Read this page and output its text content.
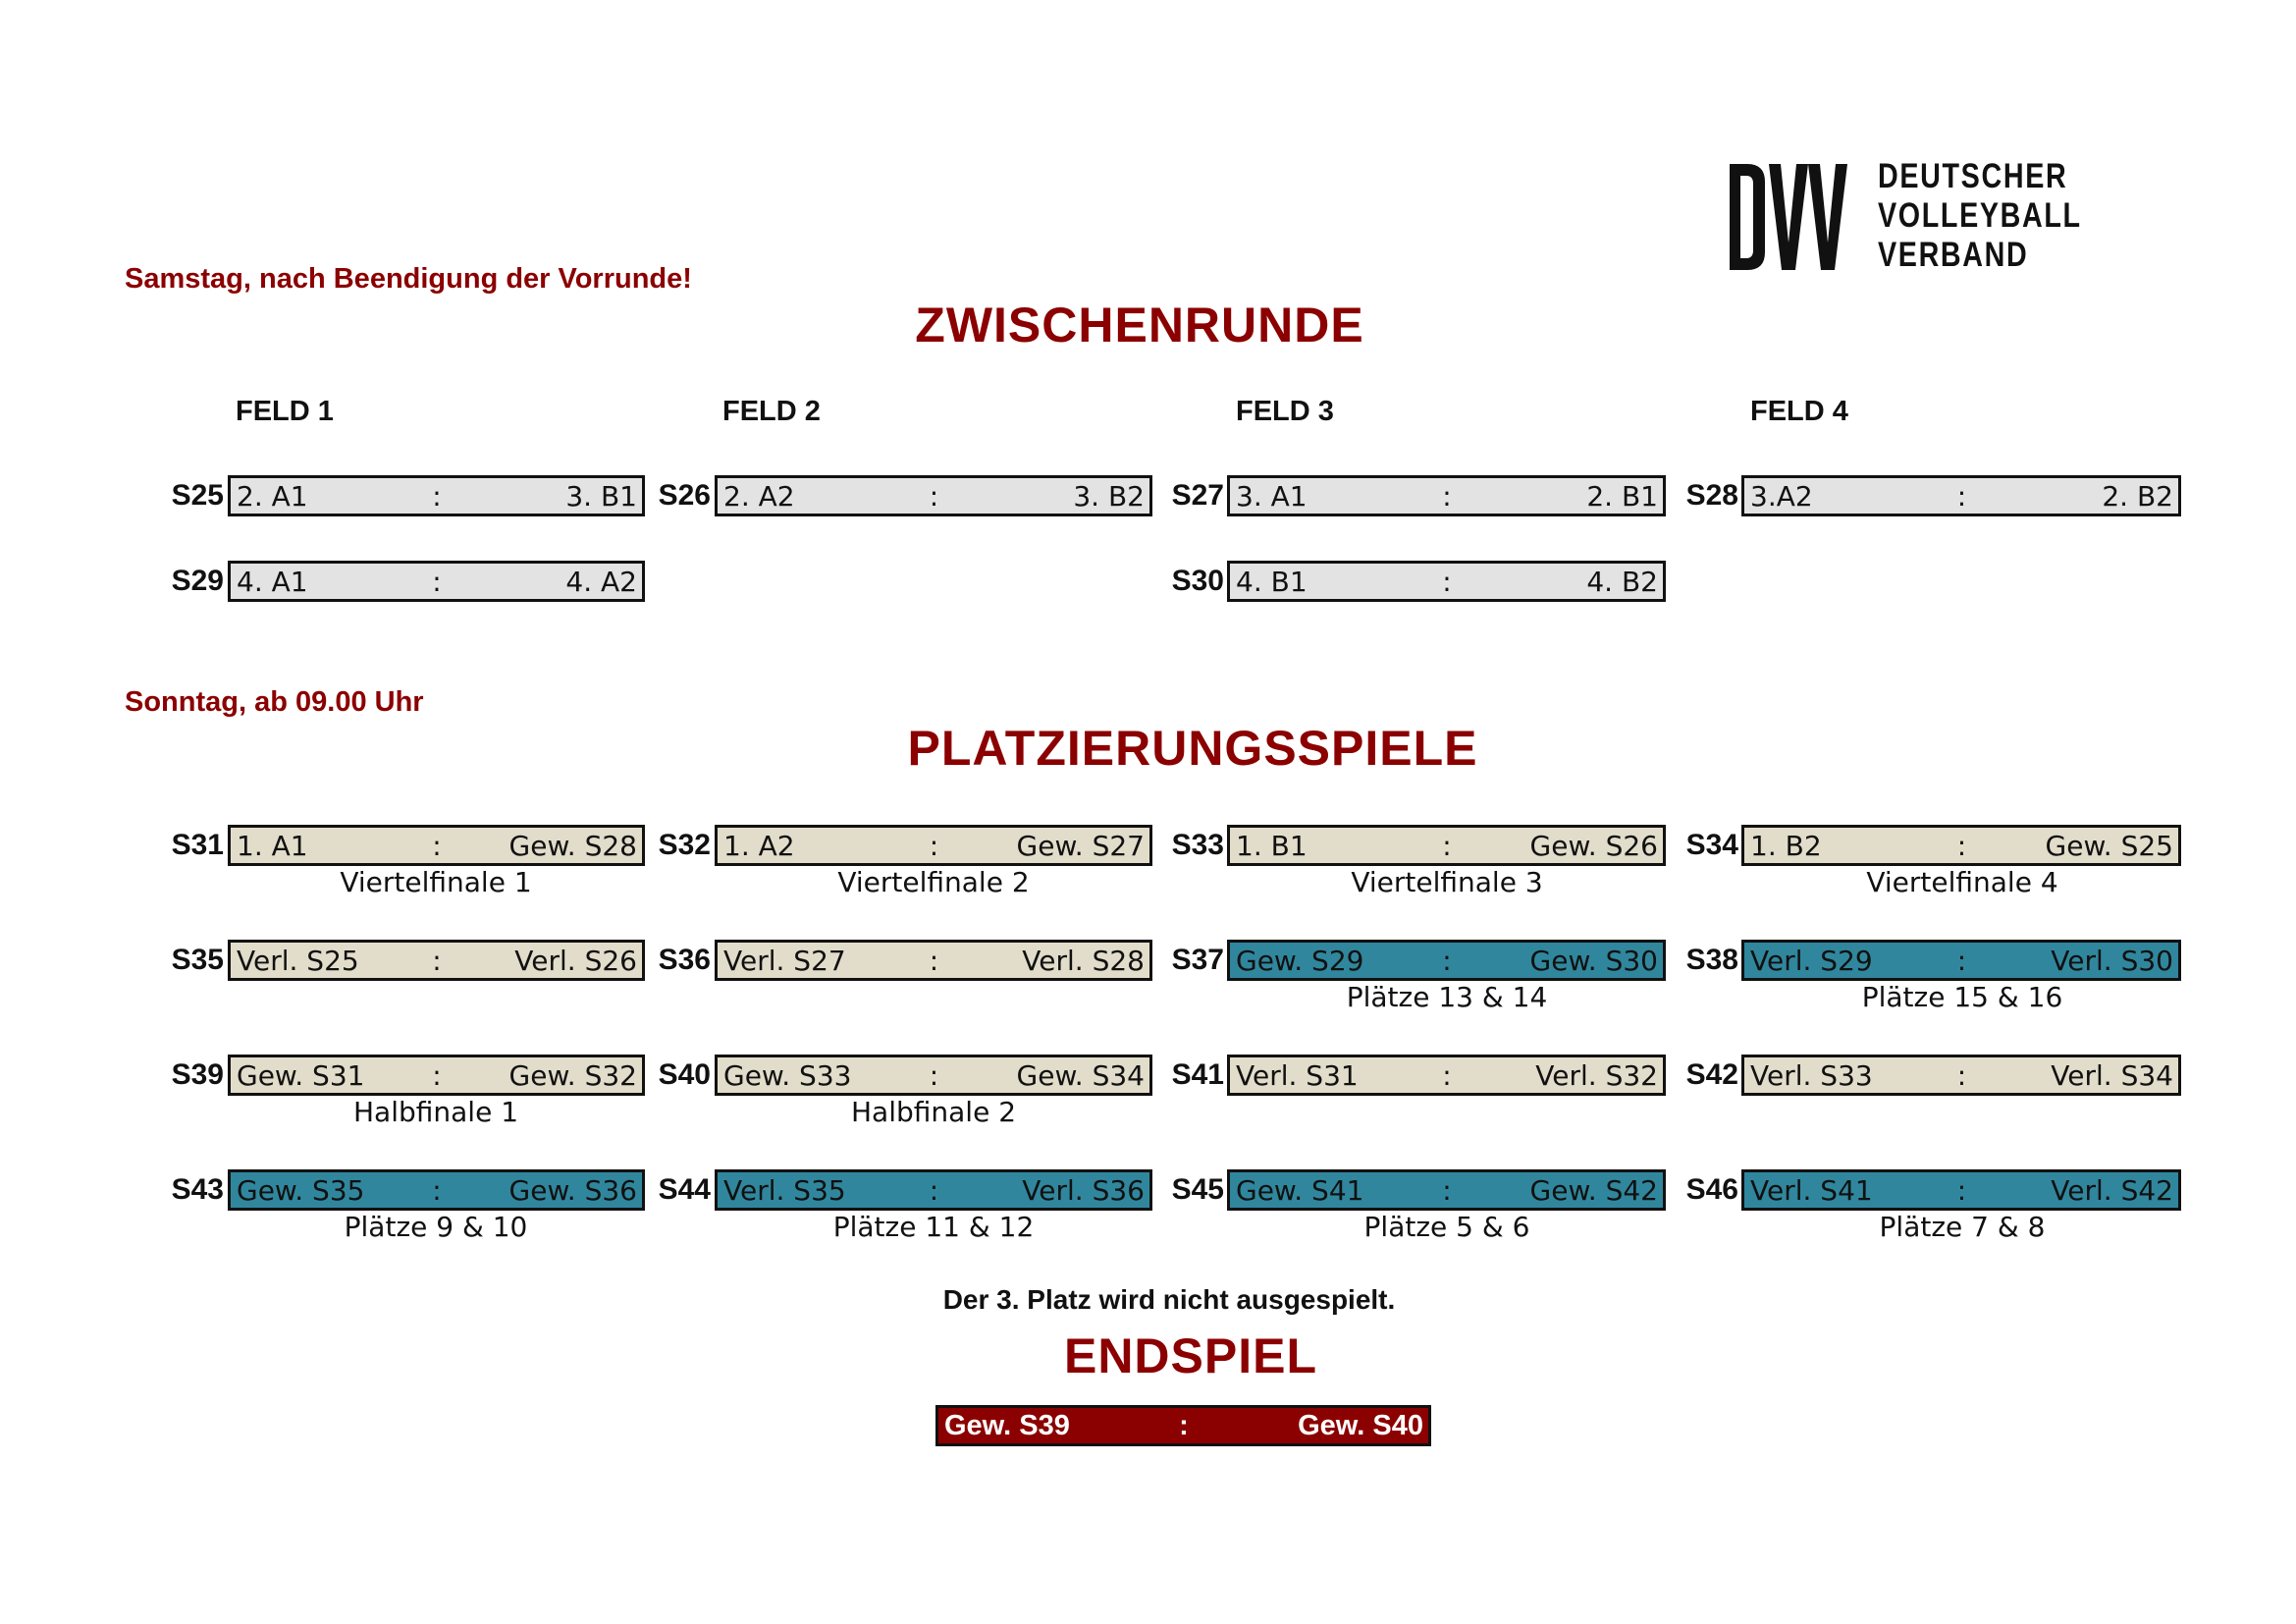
DEUTSCHER
VOLLEYBALL
VERBAND
Samstag, nach Beendigung der Vorrunde!
ZWISCHENRUNDE
FELD 1	FELD 2	FELD 3	FELD 4
S25 2. A1	:	3. B1 S26 2. A2	:	3. B2 S27 3. A1	:	2. B1 S28 3.A2	:	2. B2
S29 4. A1	:	4. A2	S30 4. B1	:	4. B2
Sonntag, ab 09.00 Uhr
PLATZIERUNGSSPIELE
S31 1. A1	:	Gew. S28
Viertelfinale 1
S32 1. A2	:	Gew. S27
Viertelfinale 2
S33 1. B1	:	Gew. S26
Viertelfinale 3
S34 1. B2	:	Gew. S25
Viertelfinale 4
S35 Verl. S25	:	Verl. S26 S36 Verl. S27	:	Verl. S28 S37 Gew. S29	:	Gew. S30
Plätze 13 & 14
S38 Verl. S29	:	Verl. S30
Plätze 15 & 16
S39 Gew. S31	:	Gew. S32
Halbfinale 1
S40 Gew. S33	:	Gew. S34
Halbfinale 2
S41 Verl. S31	:	Verl. S32 S42 Verl. S33	:	Verl. S34
S43 Gew. S35	:	Gew. S36
Plätze 9 & 10
S44 Verl. S35	:	Verl. S36
Plätze 11 & 12
S45 Gew. S41	:	Gew. S42
Plätze 5 & 6
S46 Verl. S41	:	Verl. S42
Plätze 7 & 8
Der 3. Platz wird nicht ausgespielt.
ENDSPIEL
Gew. S39	:	Gew. S40
